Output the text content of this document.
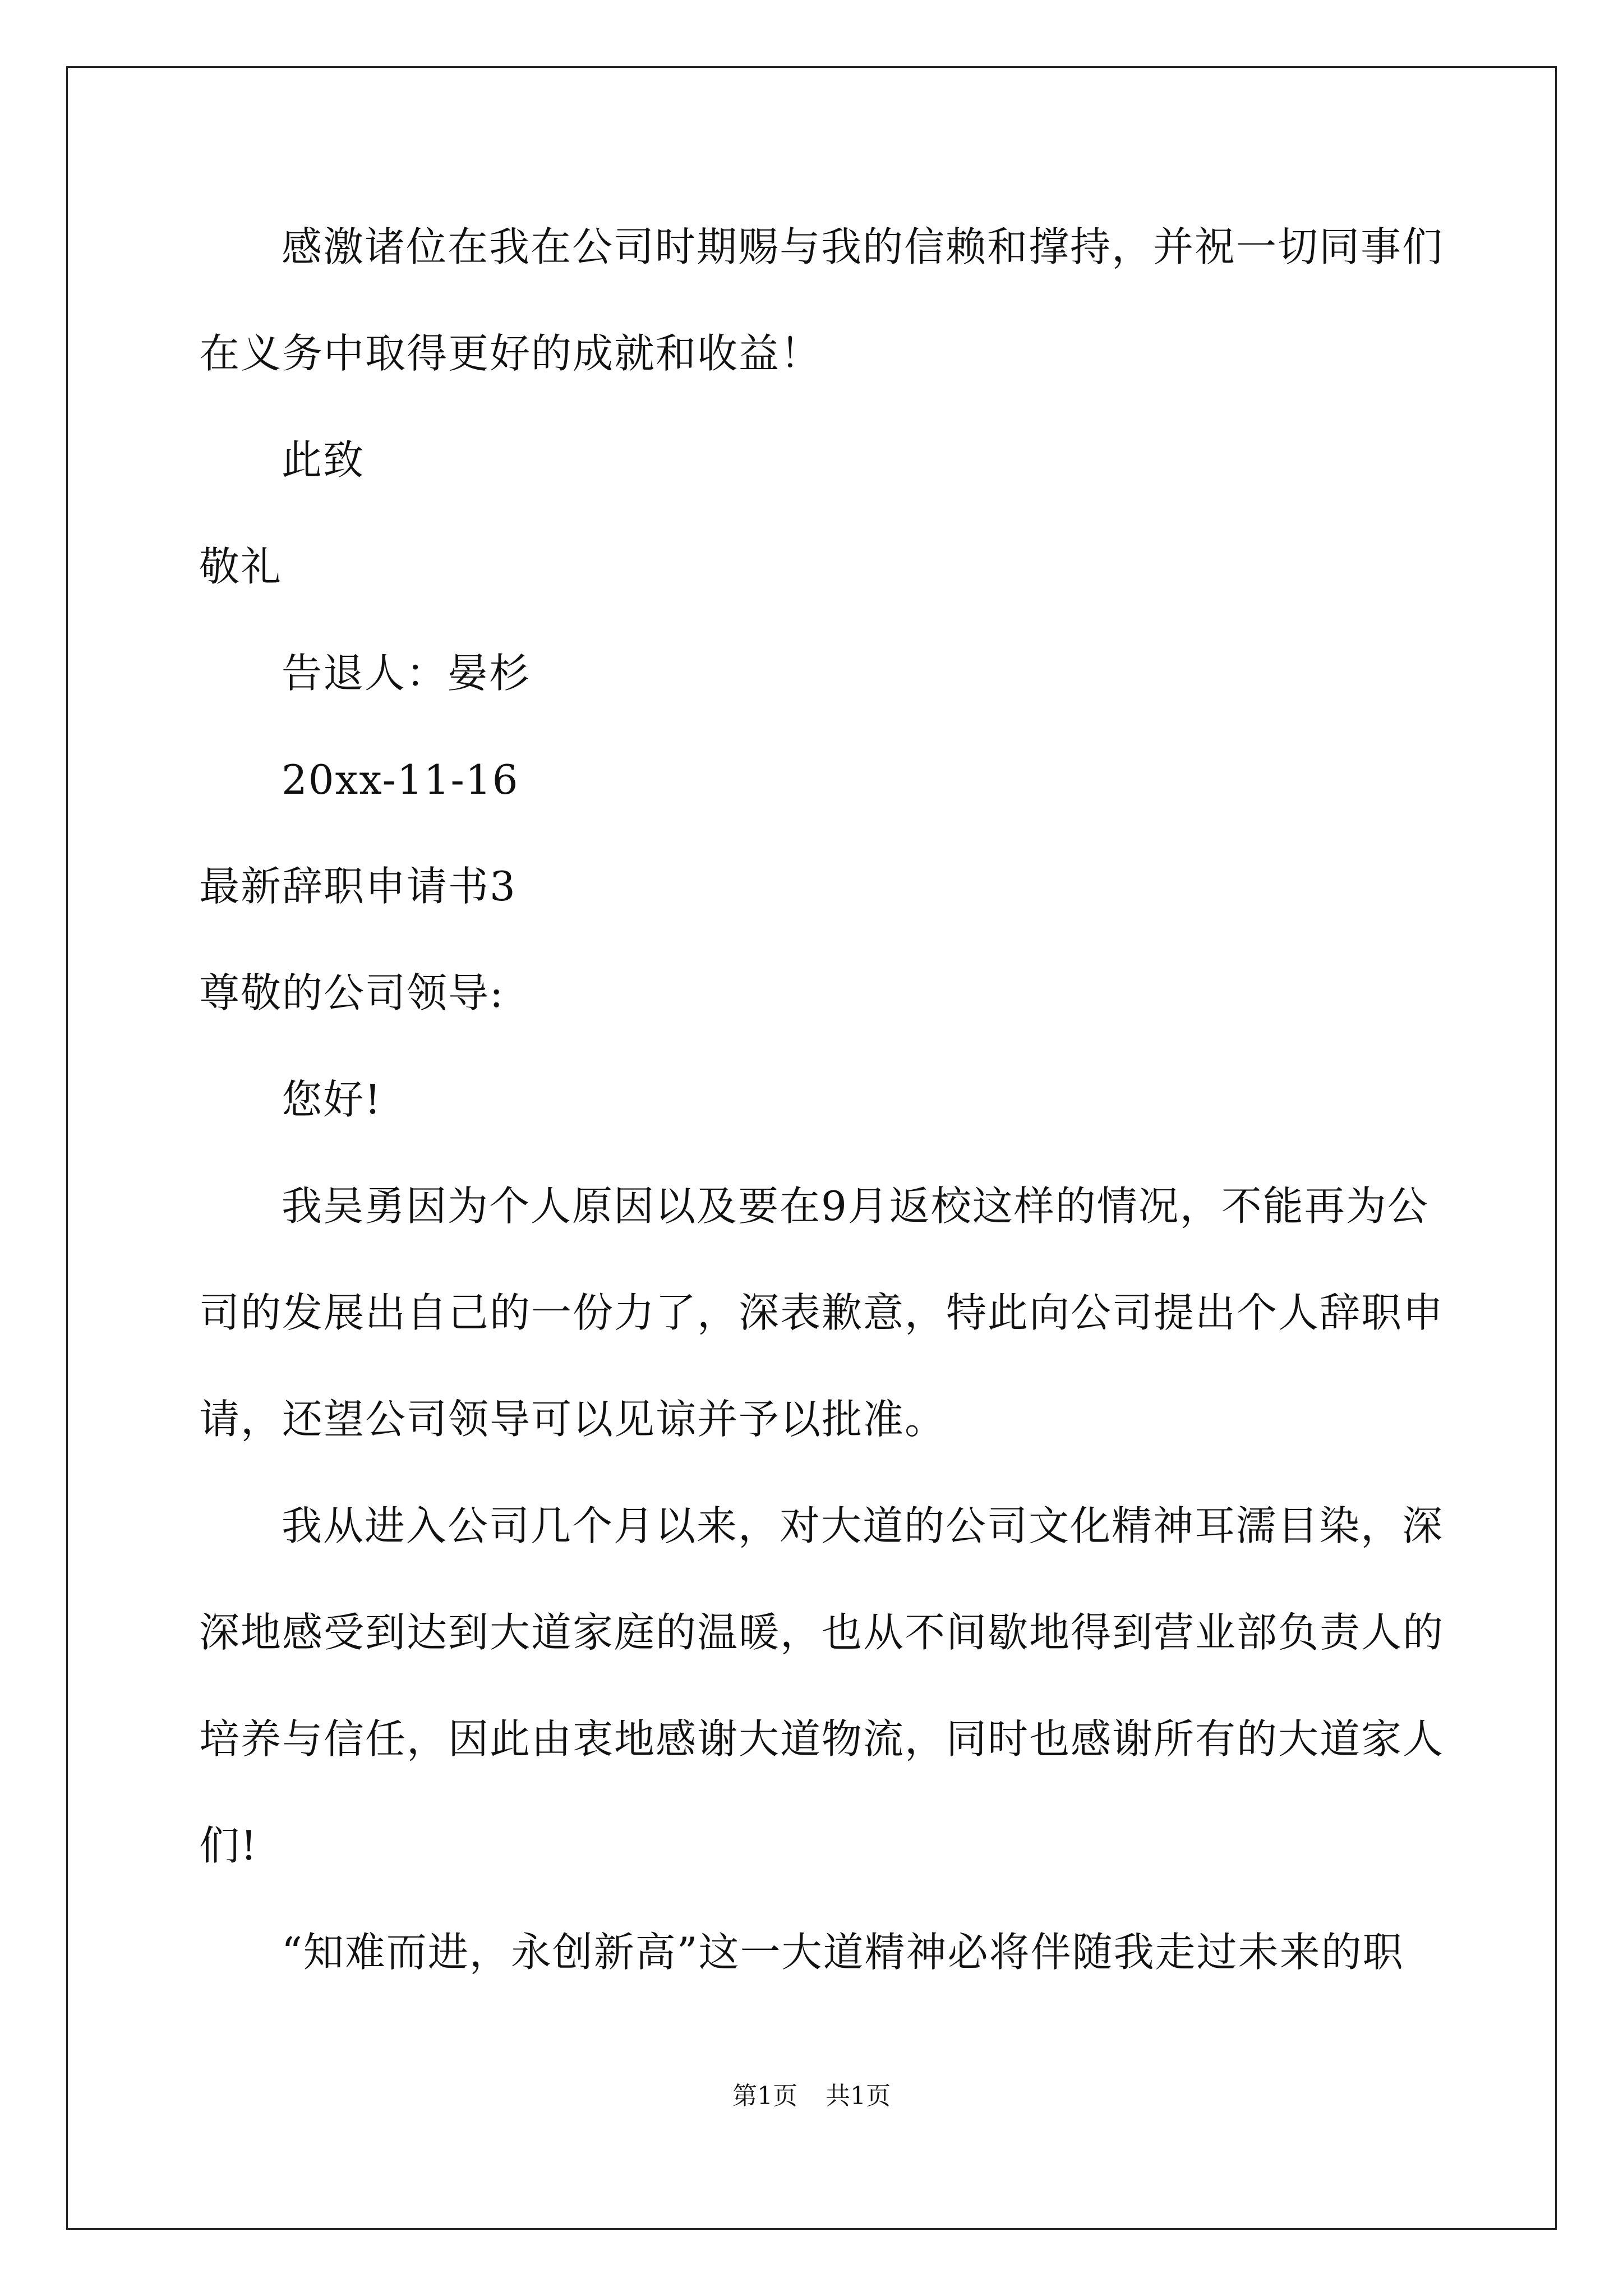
感激诸位在我在公司时期赐与我的信赖和撑持，并祝一切同事们
在义务中取得更好的成就和收益！
此致
敬礼
告退人：晏杉
20xx-11-16
最新辞职申请书3
尊敬的公司领导:
您好!
我吴勇因为个人原因以及要在9月返校这样的情况，不能再为公
司的发展出自己的一份力了，深表歉意，特此向公司提出个人辞职申
请，还望公司领导可以见谅并予以批准。
我从进入公司几个月以来，对大道的公司文化精神耳濡目染，深
深地感受到达到大道家庭的温暖，也从不间歇地得到营业部负责人的
培养与信任，因此由衷地感谢大道物流，同时也感谢所有的大道家人
们!
“知难而进，永创新高”这一大道精神必将伴随我走过未来的职
第1页 共1页
